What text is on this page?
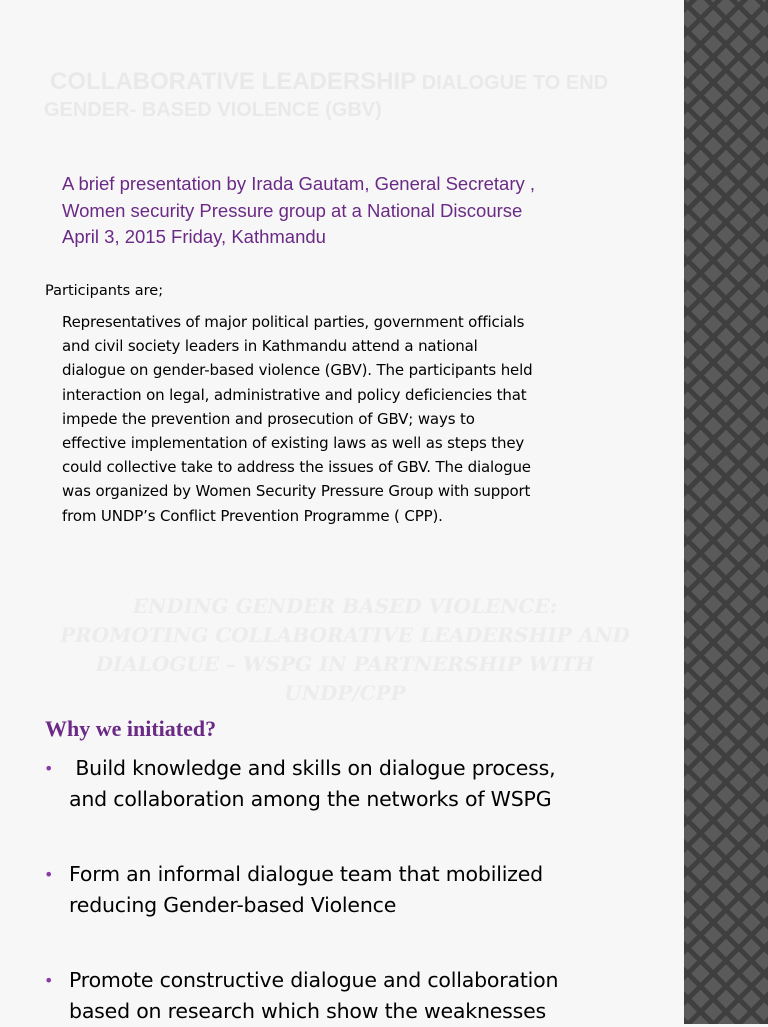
COLLABORATIVE LEADERSHIP DIALOGUE TO END GENDER- BASED VIOLENCE (GBV)
A brief presentation by Irada Gautam, General Secretary ,
Women security Pressure group at a National Discourse
April 3, 2015 Friday, Kathmandu
Participants are;
Representatives of major political parties, government officials
and civil society leaders in Kathmandu attend a national
dialogue on gender-based violence (GBV). The participants held
interaction on legal, administrative and policy deficiencies that
impede the prevention and prosecution of GBV; ways to
effective implementation of existing laws as well as steps they
could collective take to address the issues of GBV. The dialogue
was organized by Women Security Pressure Group with support
from UNDP’s Conflict Prevention Programme ( CPP).
ENDING GENDER BASED VIOLENCE:
PROMOTING COLLABORATIVE LEADERSHIP AND
DIALOGUE – WSPG IN PARTNERSHIP WITH
UNDP/CPP
Why we initiated?
• Build knowledge and skills on dialogue process,
and collaboration among the networks of WSPG
• Form an informal dialogue team that mobilized
reducing Gender-based Violence
• Promote constructive dialogue and collaboration
based on research which show the weaknesses
